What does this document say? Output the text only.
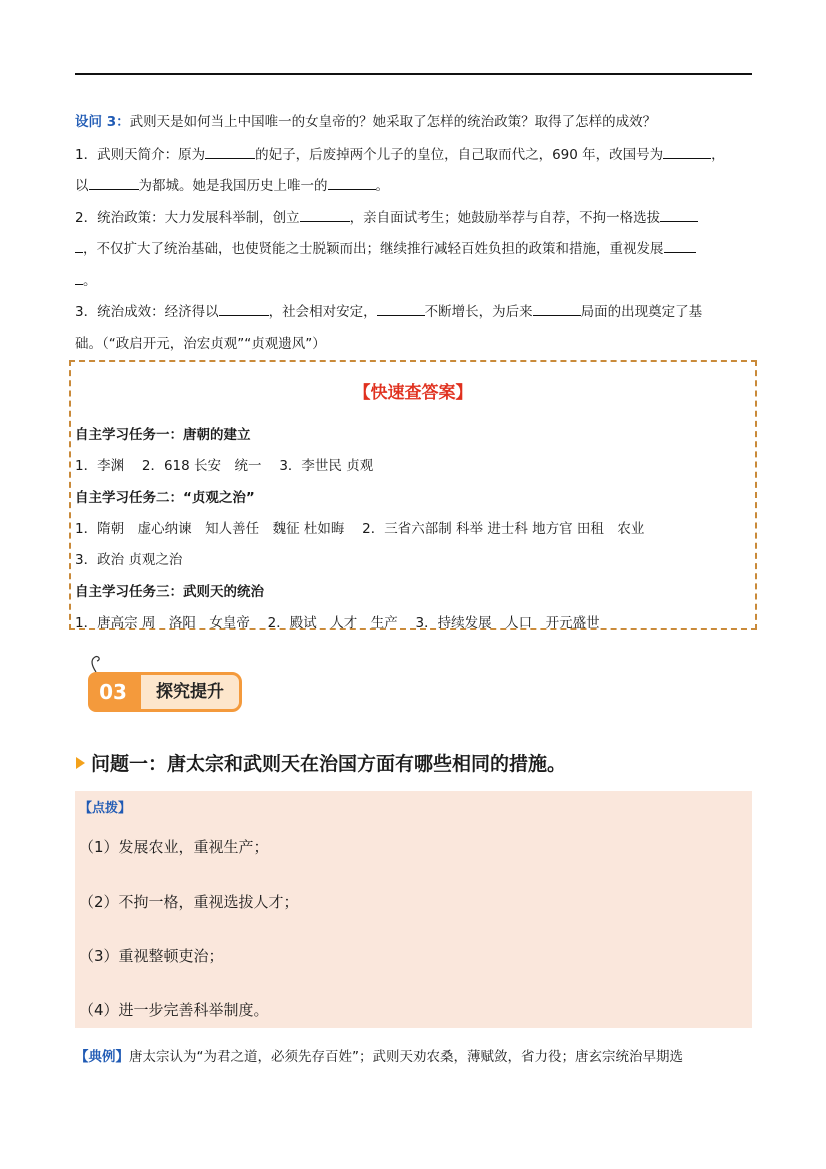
设问 3：武则天是如何当上中国唯一的女皇帝的？她采取了怎样的统治政策？取得了怎样的成效？
1．武则天简介：原为	的妃子，后废掉两个儿子的皇位，自己取而代之，690 年，改国号为	，
以	为都城。她是我国历史上唯一的	。
2．统治政策：大力发展科举制，创立	，亲自面试考生；她鼓励举荐与自荐，不拘一格选拔
，不仅扩大了统治基础，也使贤能之士脱颖而出；继续推行减轻百姓负担的政策和措施，重视发展
。
3．统治成效：经济得以	，社会相对安定，	不断增长，为后来	局面的出现奠定了基
础。（“政启开元，治宏贞观”“贞观遗风”）
【快速查答案】
自主学习任务一：唐朝的建立
1．李渊　 2．618 长安　统一　 3．李世民 贞观
自主学习任务二：“贞观之治”
1．隋朝　虚心纳谏　知人善任　魏征 杜如晦　 2．三省六部制 科举 进士科 地方官 田租　农业
3．政治 贞观之治
自主学习任务三：武则天的统治
1．唐高宗 周　洛阳　女皇帝　 2．殿试　人才　生产　 3．持续发展　人口　开元盛世
03	探究提升
问题一：唐太宗和武则天在治国方面有哪些相同的措施。
【点拨】
（1）发展农业，重视生产；
（2）不拘一格，重视选拔人才；
（3）重视整顿吏治；
（4）进一步完善科举制度。
【典例】唐太宗认为“为君之道，必须先存百姓”；武则天劝农桑，薄赋敛，省力役；唐玄宗统治早期选
